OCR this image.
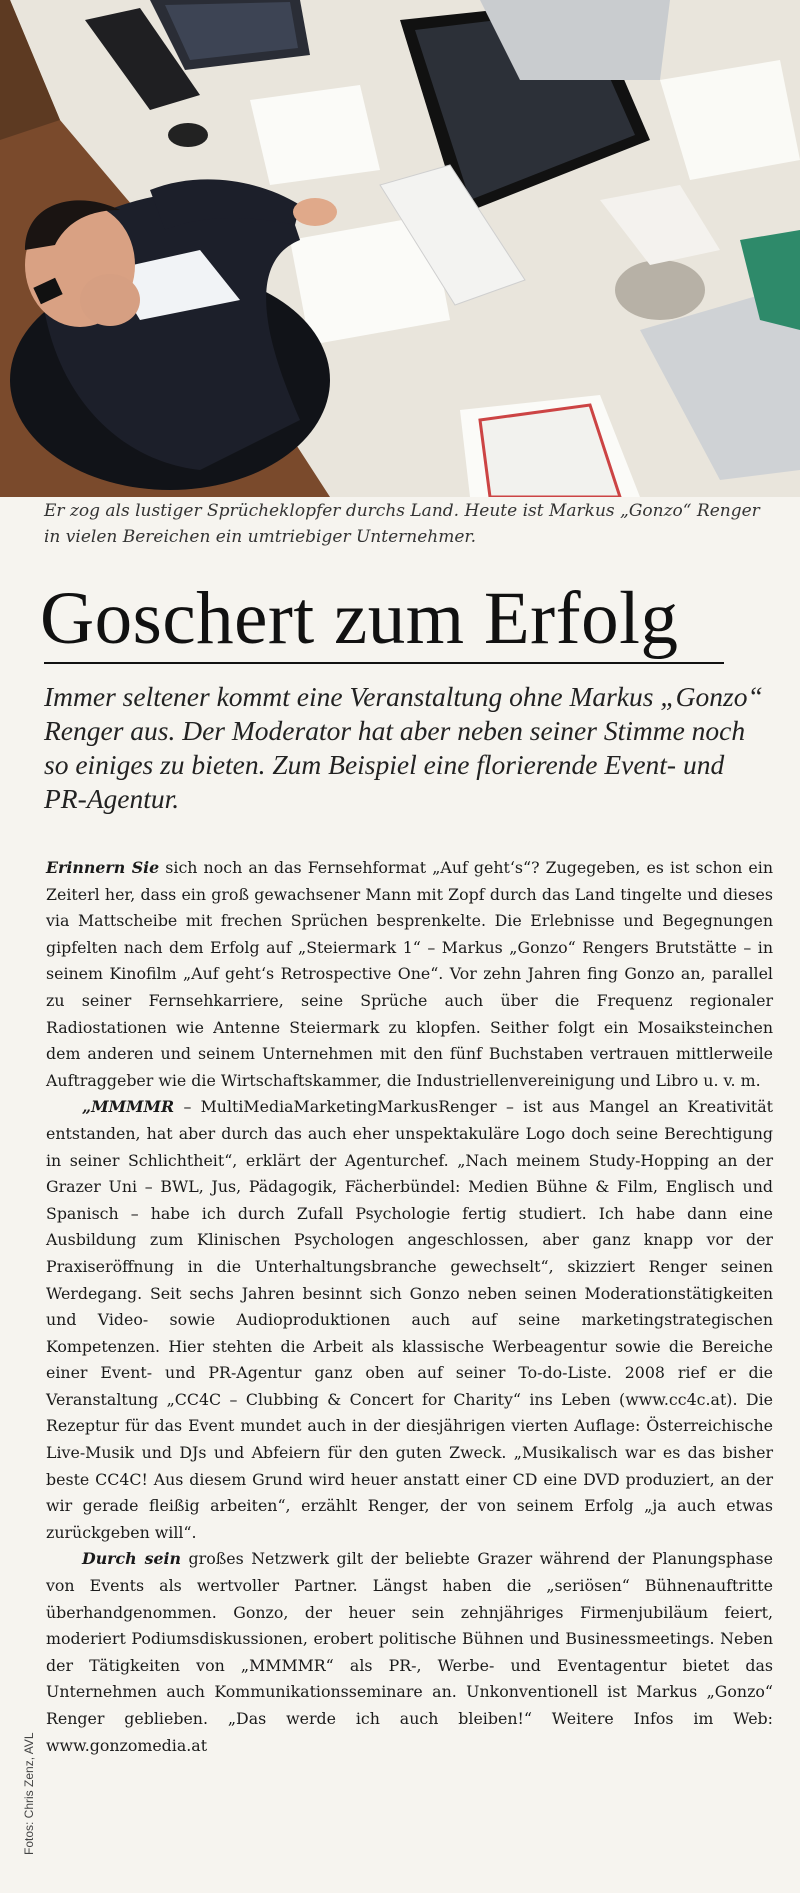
Er zog als lustiger Sprücheklopfer durchs Land. Heute ist Markus „Gonzo“ Renger in vielen Bereichen ein umtriebiger Unternehmer.
Goschert zum Erfolg
Immer seltener kommt eine Veranstaltung ohne Markus „Gonzo“ Renger aus. Der Moderator hat aber neben seiner Stimme noch so einiges zu bieten. Zum Beispiel eine florierende Event- und PR-Agentur.

Erinnern Sie sich noch an das Fernsehformat „Auf geht‘s“? Zugegeben, es ist schon ein Zeiterl her, dass ein groß gewachsener Mann mit Zopf durch das Land tingelte und dieses via Mattscheibe mit frechen Sprüchen besprenkelte. Die Erlebnisse und Begegnungen gipfelten nach dem Erfolg auf „Steiermark 1“ – Markus „Gonzo“ Rengers Brutstätte – in seinem Kinofilm „Auf geht‘s Retrospective One“. Vor zehn Jahren fing Gonzo an, parallel zu seiner Fernsehkarriere, seine Sprüche auch über die Frequenz regionaler Radiostationen wie Antenne Steiermark zu klopfen. Seither folgt ein Mosaiksteinchen dem anderen und seinem Unternehmen mit den fünf Buchstaben vertrauen mittlerweile Auftraggeber wie die Wirtschaftskammer, die Industriellenvereinigung und Libro u. v. m.

„MMMMR – MultiMediaMarketingMarkusRenger – ist aus Mangel an Kreativität entstanden, hat aber durch das auch eher unspektakuläre Logo doch seine Berechtigung in seiner Schlichtheit“, erklärt der Agenturchef. „Nach meinem Study-Hopping an der Grazer Uni – BWL, Jus, Pädagogik, Fächerbündel: Medien Bühne & Film, Englisch und Spanisch – habe ich durch Zufall Psychologie fertig studiert. Ich habe dann eine Ausbildung zum Klinischen Psychologen angeschlossen, aber ganz knapp vor der Praxiseröffnung in die Unterhaltungsbranche gewechselt“, skizziert Renger seinen Werdegang. Seit sechs Jahren besinnt sich Gonzo neben seinen Moderationstätigkeiten und Video- sowie Audioproduktionen auch auf seine marketingstrategischen Kompetenzen. Hier stehten die Arbeit als klassische Werbeagentur sowie die Bereiche einer Event- und PR-Agentur ganz oben auf seiner To-do-Liste. 2008 rief er die Veranstaltung „CC4C – Clubbing & Concert for Charity“ ins Leben (www.cc4c.at). Die Rezeptur für das Event mundet auch in der diesjährigen vierten Auflage: Österreichische Live-Musik und DJs und Abfeiern für den guten Zweck. „Musikalisch war es das bisher beste CC4C! Aus diesem Grund wird heuer anstatt einer CD eine DVD produziert, an der wir gerade fleißig arbeiten“, erzählt Renger, der von seinem Erfolg „ja auch etwas zurückgeben will“.

Durch sein großes Netzwerk gilt der beliebte Grazer während der Planungsphase von Events als wertvoller Partner. Längst haben die „seriösen“ Bühnenauftritte überhandgenommen. Gonzo, der heuer sein zehnjähriges Firmenjubiläum feiert, moderiert Podiumsdiskussionen, erobert politische Bühnen und Businessmeetings. Neben der Tätigkeiten von „MMMMR“ als PR-, Werbe- und Eventagentur bietet das Unternehmen auch Kommunikationsseminare an. Unkonventionell ist Markus „Gonzo“ Renger geblieben. „Das werde ich auch bleiben!“ Weitere Infos im Web: www.gonzomedia.at

Fotos: Chris Zenz, AVL
